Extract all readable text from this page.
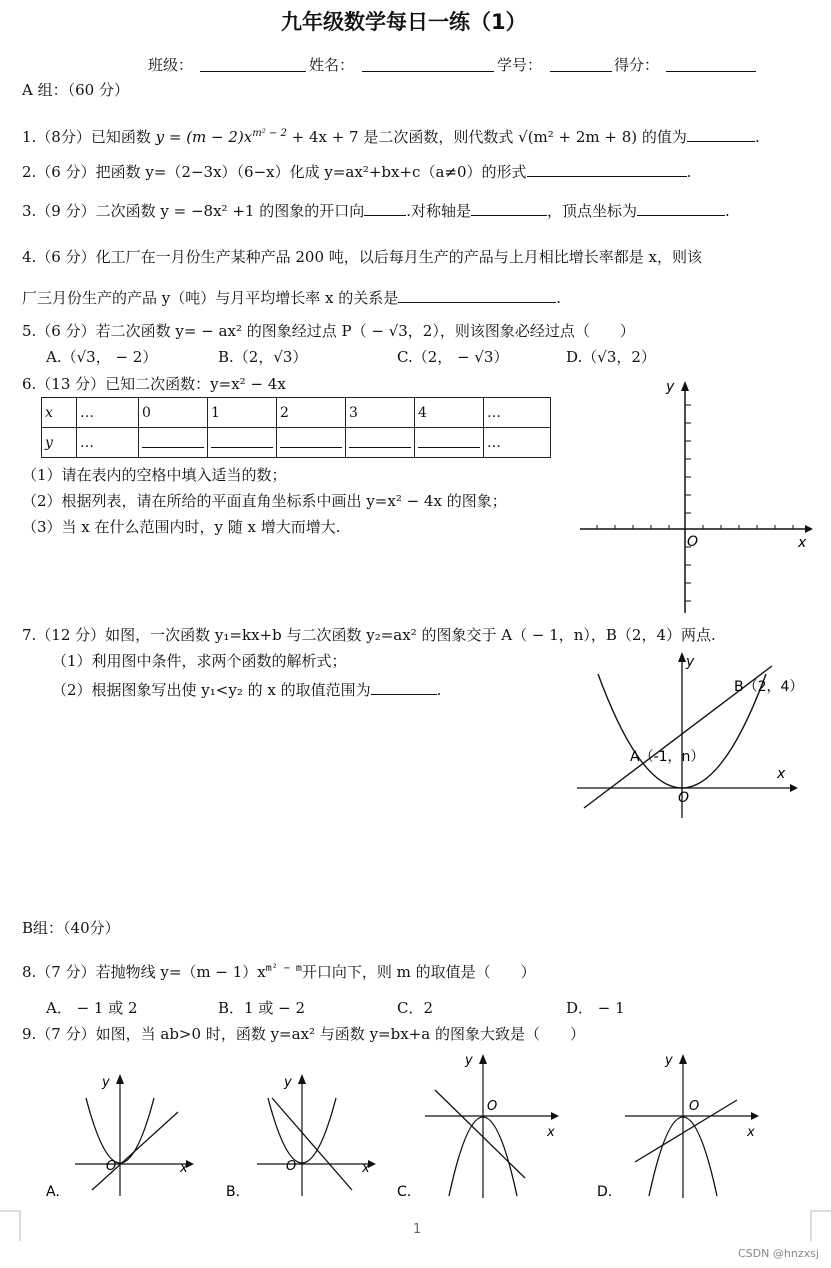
九年级数学每日一练（1）
班级：	姓名：	学号：	得分：
A 组：（60 分）
1.（8分）已知函数 $y = (m - 2)x^{m^2 - 2} + 4x + 7$ 是二次函数，则代数式 √(m² + 2m + 8) 的值为	.
2.（6 分）把函数 y=（2−3x）（6−x）化成 y=ax²+bx+c（a≠0）的形式	.
3.（9 分）二次函数 y = −8x² +1 的图象的开口向	.对称轴是	，顶点坐标为	.
4.（6 分）化工厂在一月份生产某种产品 200 吨，以后每月生产的产品与上月相比增长率都是 x，则该
厂三月份生产的产品 y（吨）与月平均增长率 x 的关系是	.
5.（6 分）若二次函数 y= − ax² 的图象经过点 P（ − √3，2），则该图象必经过点（　　）
A.（√3， − 2）	B.（2，√3）	C.（2， − √3）	D.（√3，2）
6.（13 分）已知二次函数：y=x² − 4x
x	…	0	1	2	3	4	…
y	…						…
（1）请在表内的空格中填入适当的数；
（2）根据列表，请在所给的平面直角坐标系中画出 y=x² − 4x 的图象；
（3）当 x 在什么范围内时，y 随 x 增大而增大.
y
x
O
7.（12 分）如图，一次函数 y₁=kx+b 与二次函数 y₂=ax² 的图象交于 A（ − 1，n），B（2，4）两点.
（1）利用图中条件，求两个函数的解析式；
（2）根据图象写出使 y₁<y₂ 的 x 的取值范围为	.	B（2，4）
A（-1，n）
x
y
O
B组：（40分）
8.（7 分）若抛物线 $y=(m - 1)x^{m^2 - m}$开口向下，则 m 的取值是（　　）
A． − 1 或 2	B．1 或 − 2	C．2	D． − 1
9.（7 分）如图，当 ab>0 时，函数 y=ax² 与函数 y=bx+a 的图象大致是（　　）
y
x
O
A.
y
x
O
B.
y
x
O
C.
y
x
O
D.
1
CSDN @hnzxsj
